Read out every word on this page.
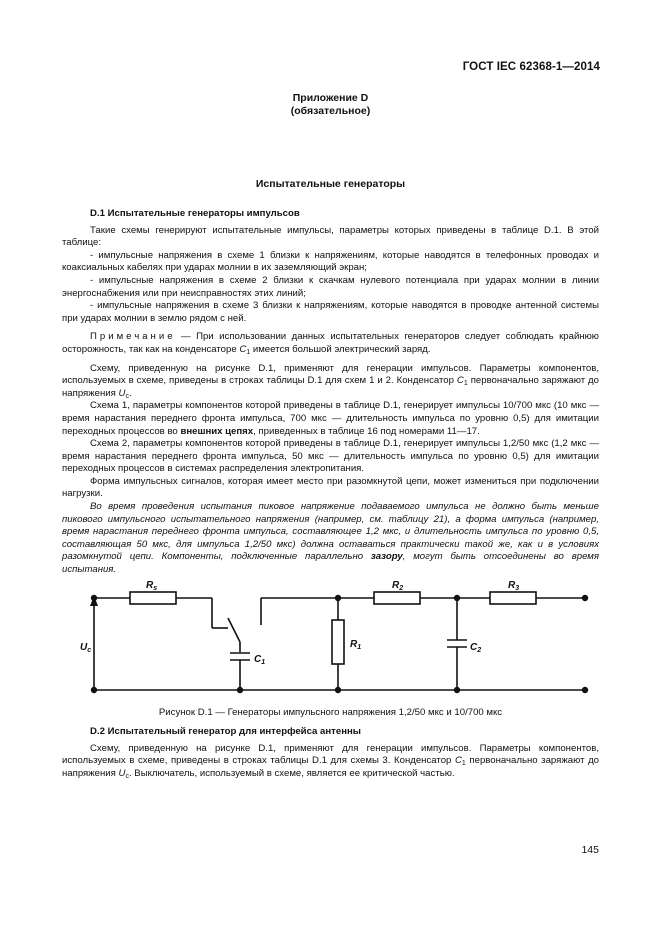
ГОСТ IEC 62368-1—2014
Приложение D
(обязательное)
Испытательные генераторы
D.1 Испытательные генераторы импульсов

Такие схемы генерируют испытательные импульсы, параметры которых приведены в таблице D.1. В этой таблице:

- импульсные напряжения в схеме 1 близки к напряжениям, которые наводятся в телефонных проводах и коаксиальных кабелях при ударах молнии в их заземляющий экран;

- импульсные напряжения в схеме 2 близки к скачкам нулевого потенциала при ударах молнии в линии энергоснабжения или при неисправностях этих линий;

- импульсные напряжения в схеме 3 близки к напряжениям, которые наводятся в проводке антенной системы при ударах молнии в землю рядом с ней.

Примечание — При использовании данных испытательных генераторов следует соблюдать крайнюю осторожность, так как на конденсаторе $C_1$ имеется большой электрический заряд.

Схему, приведенную на рисунке D.1, применяют для генерации импульсов. Параметры компонентов, используемых в схеме, приведены в строках таблицы D.1 для схем 1 и 2. Конденсатор $C_1$ первоначально заряжают до напряжения $U_c$.

Схема 1, параметры компонентов которой приведены в таблице D.1, генерирует импульсы 10/700 мкс (10 мкс — время нарастания переднего фронта импульса, 700 мкс — длительность импульса по уровню 0,5) для имитации переходных процессов во внешних цепях, приведенных в таблице 16 под номерами 11—17.

Схема 2, параметры компонентов которой приведены в таблице D.1, генерирует импульсы 1,2/50 мкс (1,2 мкс — время нарастания переднего фронта импульса, 50 мкс — длительность импульса по уровню 0,5) для имитации переходных процессов в системах распределения электропитания.

Форма импульсных сигналов, которая имеет место при разомкнутой цепи, может измениться при подключении нагрузки.

Во время проведения испытания пиковое напряжение подаваемого импульса не должно быть меньше пикового импульсного испытательного напряжения (например, см. таблицу 21), а форма импульса (например, время нарастания переднего фронта импульса, составляющее 1,2 мкс, и длительность импульса по уровню 0,5, составляющая 50 мкс, для импульса 1,2/50 мкс) должна оставаться практически такой же, как и в условиях разомкнутой цепи. Компоненты, подключенные параллельно зазору, могут быть отсоединены во время испытания.

$R_s$
$C_1$
$R_1$
$R_2$	$R_3$
$C_2$
$U_c$
Рисунок D.1 — Генераторы импульсного напряжения 1,2/50 мкс и 10/700 мкс
D.2 Испытательный генератор для интерфейса антенны

Схему, приведенную на рисунке D.1, применяют для генерации импульсов. Параметры компонентов, используемых в схеме, приведены в строках таблицы D.1 для схемы 3. Конденсатор $C_1$ первоначально заряжают до напряжения $U_c$. Выключатель, используемый в схеме, является ее критической частью.

145
